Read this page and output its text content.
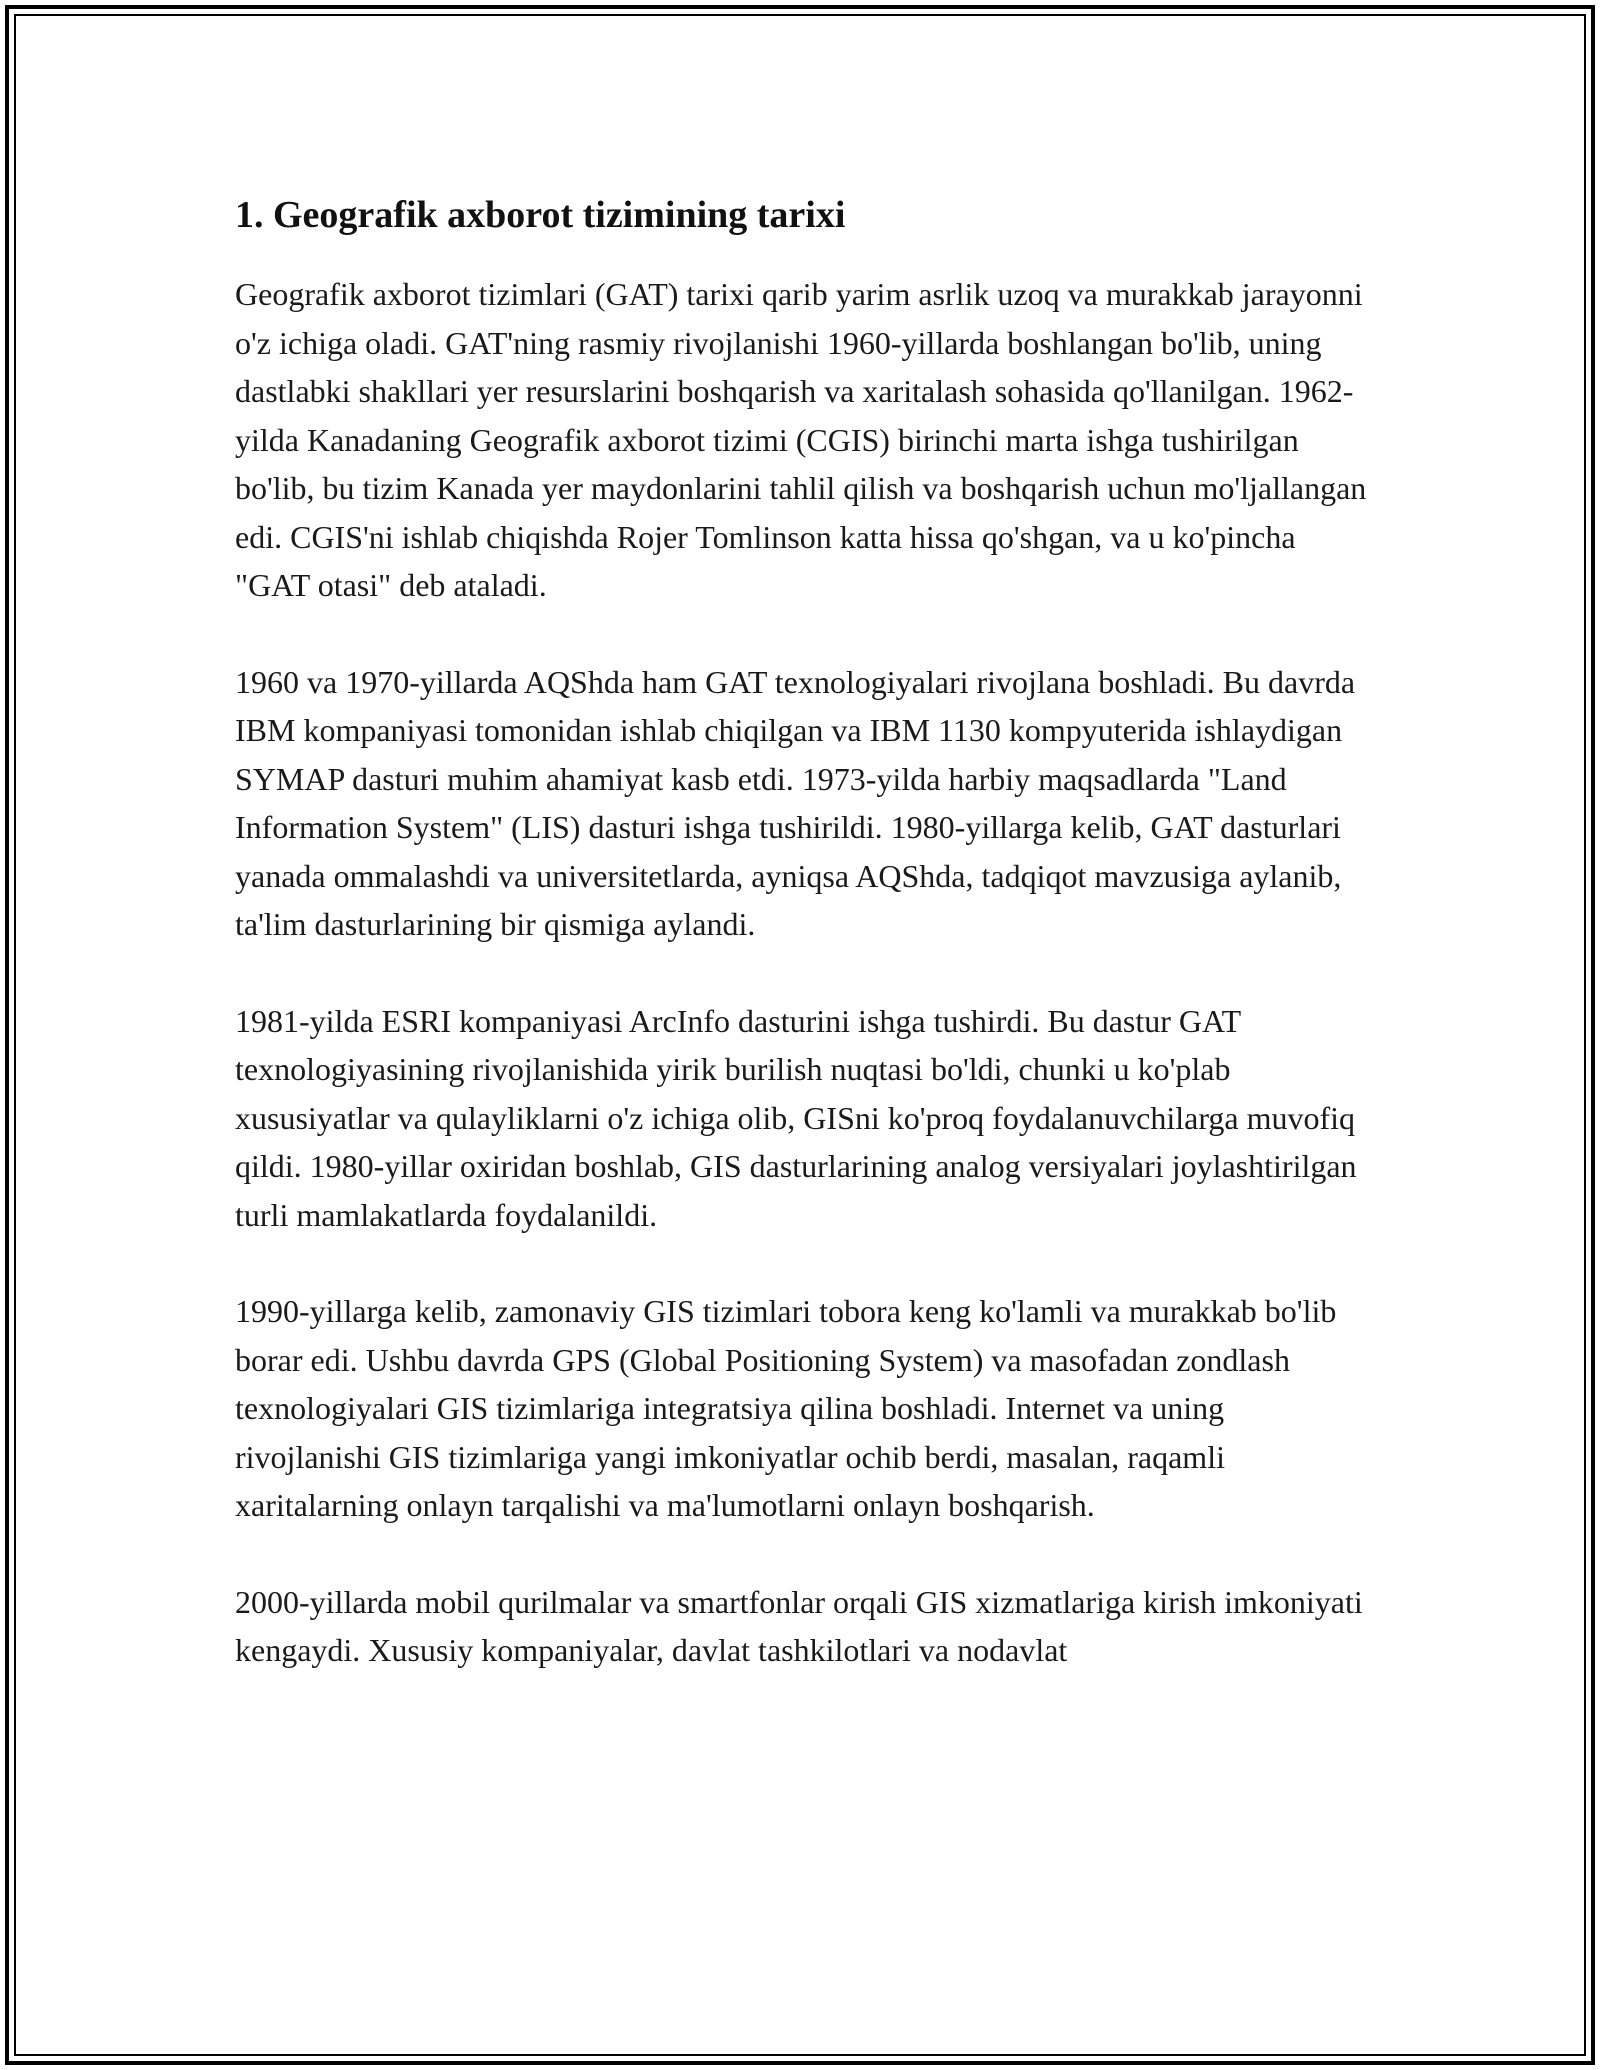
1. Geografik axborot tizimining tarixi

Geografik axborot tizimlari (GAT) tarixi qarib yarim asrlik uzoq va murakkab jarayonni o'z ichiga oladi. GAT'ning rasmiy rivojlanishi 1960-yillarda boshlangan bo'lib, uning dastlabki shakllari yer resurslarini boshqarish va xaritalash sohasida qo'llanilgan. 1962-yilda Kanadaning Geografik axborot tizimi (CGIS) birinchi marta ishga tushirilgan bo'lib, bu tizim Kanada yer maydonlarini tahlil qilish va boshqarish uchun mo'ljallangan edi. CGIS'ni ishlab chiqishda Rojer Tomlinson katta hissa qo'shgan, va u ko'pincha "GAT otasi" deb ataladi.

1960 va 1970-yillarda AQShda ham GAT texnologiyalari rivojlana boshladi. Bu davrda IBM kompaniyasi tomonidan ishlab chiqilgan va IBM 1130 kompyuterida ishlaydigan SYMAP dasturi muhim ahamiyat kasb etdi. 1973-yilda harbiy maqsadlarda "Land Information System" (LIS) dasturi ishga tushirildi. 1980-yillarga kelib, GAT dasturlari yanada ommalashdi va universitetlarda, ayniqsa AQShda, tadqiqot mavzusiga aylanib, ta'lim dasturlarining bir qismiga aylandi.

1981-yilda ESRI kompaniyasi ArcInfo dasturini ishga tushirdi. Bu dastur GAT texnologiyasining rivojlanishida yirik burilish nuqtasi bo'ldi, chunki u ko'plab xususiyatlar va qulayliklarni o'z ichiga olib, GISni ko'proq foydalanuvchilarga muvofiq qildi. 1980-yillar oxiridan boshlab, GIS dasturlarining analog versiyalari joylashtirilgan turli mamlakatlarda foydalanildi.

1990-yillarga kelib, zamonaviy GIS tizimlari tobora keng ko'lamli va murakkab bo'lib borar edi. Ushbu davrda GPS (Global Positioning System) va masofadan zondlash texnologiyalari GIS tizimlariga integratsiya qilina boshladi. Internet va uning rivojlanishi GIS tizimlariga yangi imkoniyatlar ochib berdi, masalan, raqamli xaritalarning onlayn tarqalishi va ma'lumotlarni onlayn boshqarish.

2000-yillarda mobil qurilmalar va smartfonlar orqali GIS xizmatlariga kirish imkoniyati kengaydi. Xususiy kompaniyalar, davlat tashkilotlari va nodavlat
